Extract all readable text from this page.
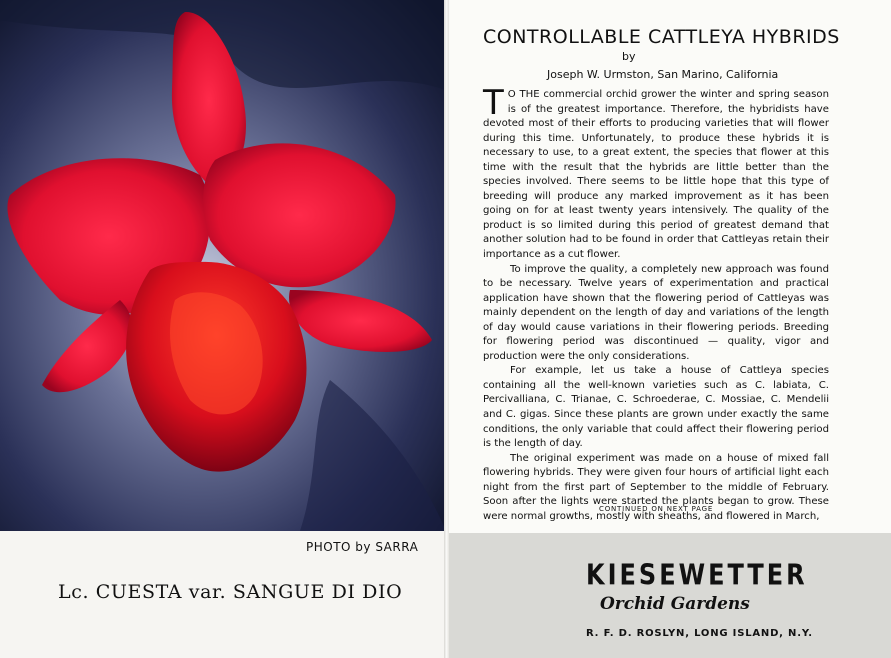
PHOTO by SARRA
Lc. CUESTA var. SANGUE DI DIO
CONTROLLABLE CATTLEYA HYBRIDS
by
Joseph W. Urmston, San Marino, California

T O THE commercial orchid grower the winter and spring season is of the greatest importance. Therefore, the hybridists have devoted most of their efforts to producing varieties that will flower during this time. Unfortunately, to produce these hybrids it is necessary to use, to a great extent, the species that flower at this time with the result that the hybrids are little better than the species involved. There seems to be little hope that this type of breeding will produce any marked improvement as it has been going on for at least twenty years intensively. The quality of the product is so limited during this period of greatest demand that another solution had to be found in order that Cattleyas retain their importance as a cut flower.

To improve the quality, a completely new approach was found to be necessary. Twelve years of experimentation and practical application have shown that the flowering period of Cattleyas was mainly dependent on the length of day and variations of the length of day would cause variations in their flowering periods. Breeding for flowering period was discontinued — quality, vigor and production were the only considerations.

For example, let us take a house of Cattleya species containing all the well-known varieties such as C. labiata, C. Percivalliana, C. Trianae, C. Schroederae, C. Mossiae, C. Mendelii and C. gigas. Since these plants are grown under exactly the same conditions, the only variable that could affect their flowering period is the length of day.

The original experiment was made on a house of mixed fall flowering hybrids. They were given four hours of artificial light each night from the first part of September to the middle of February. Soon after the lights were started the plants began to grow. These were normal growths, mostly with sheaths, and flowered in March,

CONTINUED ON NEXT PAGE
KIESEWETTER
Orchid Gardens
R. F. D. ROSLYN, LONG ISLAND, N.Y.
